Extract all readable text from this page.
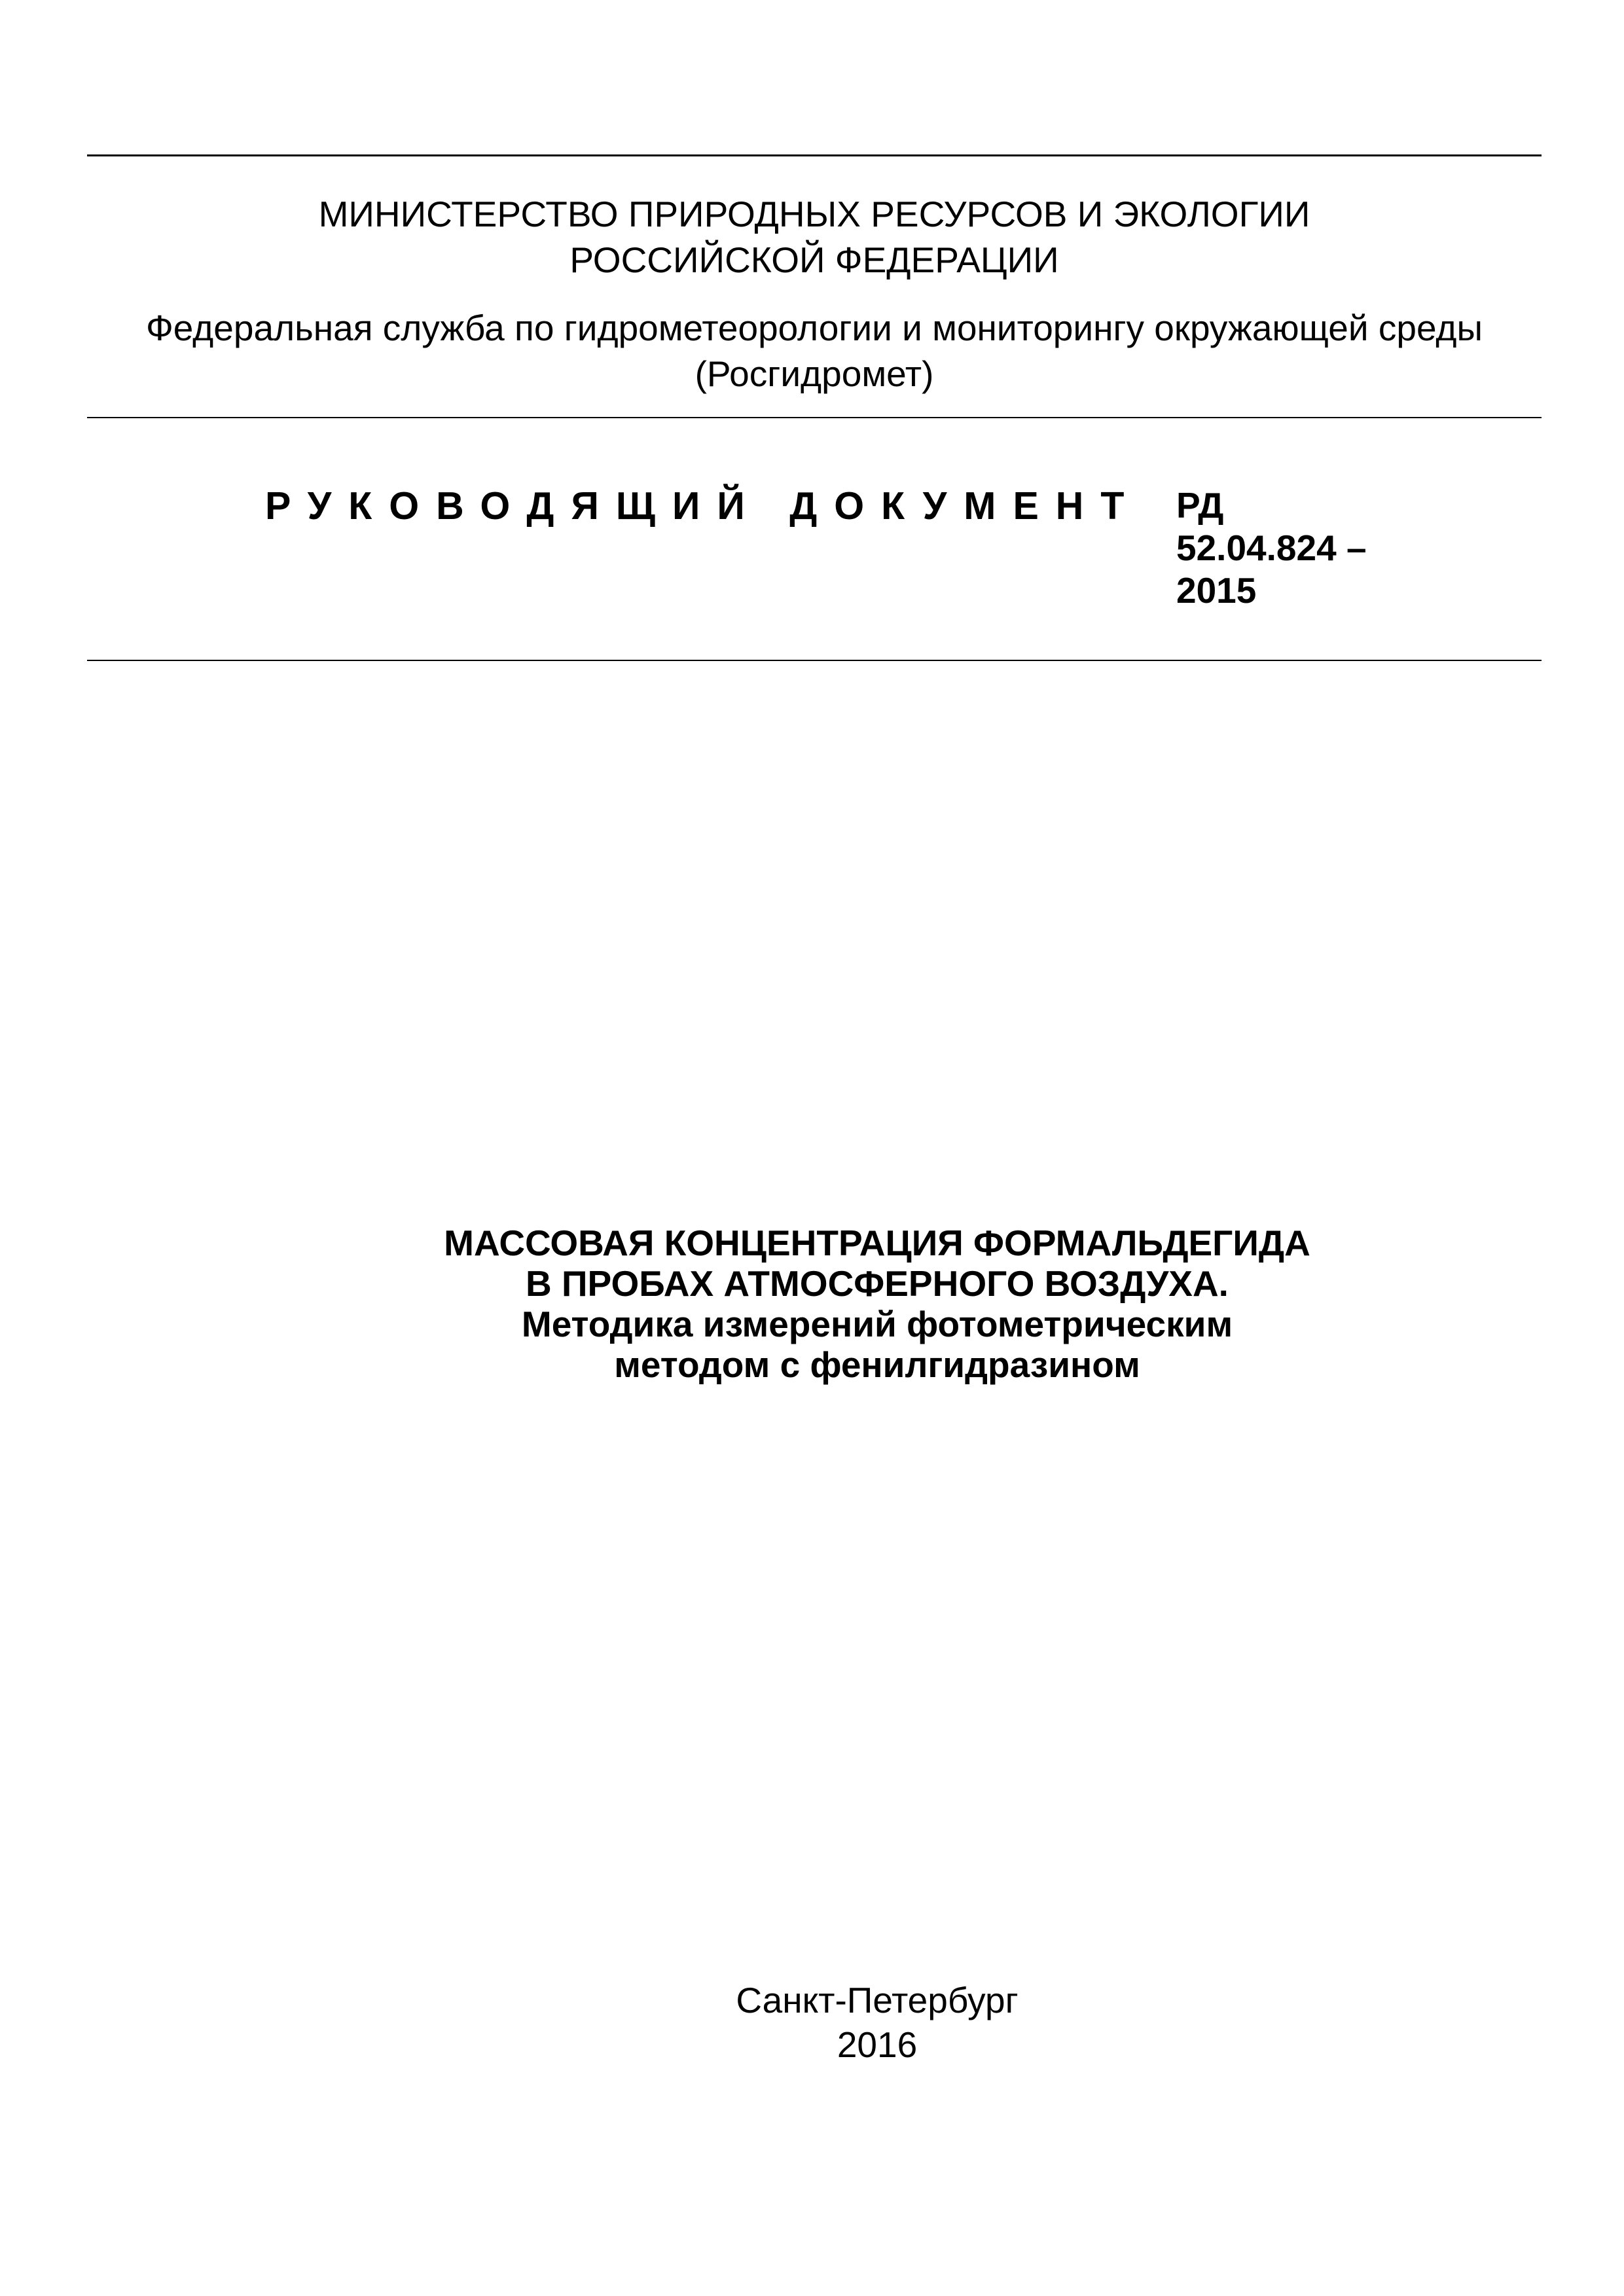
МИНИСТЕРСТВО ПРИРОДНЫХ РЕСУРСОВ И ЭКОЛОГИИ
РОССИЙСКОЙ ФЕДЕРАЦИИ
Федеральная служба по гидрометеорологии и мониторингу окружающей среды
(Росгидромет)
РУКОВОДЯЩИЙ ДОКУМЕНТ РД
52.04.824 –
2015
МАССОВАЯ КОНЦЕНТРАЦИЯ ФОРМАЛЬДЕГИДА
В ПРОБАХ АТМОСФЕРНОГО ВОЗДУХА.
Методика измерений фотометрическим
методом с фенилгидразином
Санкт-Петербург
2016
